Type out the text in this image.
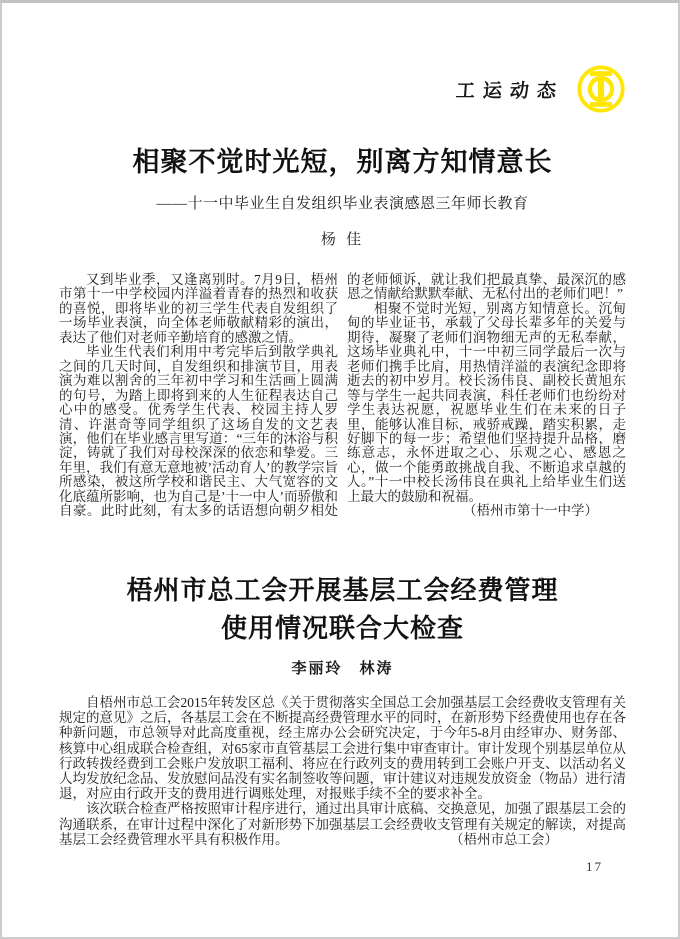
工运动态
相聚不觉时光短，别离方知情意长
——十一中毕业生自发组织毕业表演感恩三年师长教育
杨 佳

又到毕业季，又逢离别时。7月9日，梧州市第十一中学校园内洋溢着青春的热烈和收获的喜悦，即将毕业的初三学生代表自发组织了一场毕业表演，向全体老师敬献精彩的演出，表达了他们对老师辛勤培育的感激之情。

毕业生代表们利用中考完毕后到散学典礼之间的几天时间，自发组织和排演节目，用表演为难以割舍的三年初中学习和生活画上圆满的句号，为踏上即将到来的人生征程表达自己心中的感受。优秀学生代表、校园主持人罗清、许湛奇等同学组织了这场自发的文艺表演，他们在毕业感言里写道：“三年的沐浴与积淀，铸就了我们对母校深深的依恋和挚爱。三年里，我们有意无意地被’活动育人’的教学宗旨所感染，被这所学校和谐民主、大气宽容的文化底蕴所影响，也为自己是’十一中人’而骄傲和自豪。此时此刻，有太多的话语想向朝夕相处的老师倾诉，就让我们把最真挚、最深沉的感恩之情献给默默奉献、无私付出的老师们吧！”

相聚不觉时光短，别离方知情意长。沉甸甸的毕业证书，承载了父母长辈多年的关爱与期待，凝聚了老师们润物细无声的无私奉献，这场毕业典礼中，十一中初三同学最后一次与老师们携手比肩，用热情洋溢的表演纪念即将逝去的初中岁月。校长汤伟良、副校长黄旭东等与学生一起共同表演，科任老师们也纷纷对学生表达祝愿，祝愿毕业生们在未来的日子里，能够认准目标，戒骄戒躁，踏实积累，走好脚下的每一步；希望他们坚持提升品格，磨练意志，永怀进取之心、乐观之心、感恩之心，做一个能勇敢挑战自我、不断追求卓越的人。”十一中校长汤伟良在典礼上给毕业生们送上最大的鼓励和祝福。

（梧州市第十一中学）

梧州市总工会开展基层工会经费管理
使用情况联合大检查
李丽玲　林涛

自梧州市总工会2015年转发区总《关于贯彻落实全国总工会加强基层工会经费收支管理有关规定的意见》之后，各基层工会在不断提高经费管理水平的同时，在新形势下经费使用也存在各种新问题，市总领导对此高度重视，经主席办公会研究决定，于今年5-8月由经审办、财务部、核算中心组成联合检查组，对65家市直管基层工会进行集中审查审计。审计发现个别基层单位从行政转拨经费到工会账户发放职工福利、将应在行政列支的费用转到工会账户开支、以活动名义人均发放纪念品、发放慰问品没有实名制签收等问题，审计建议对违规发放资金（物品）进行清退，对应由行政开支的费用进行调账处理，对报账手续不全的要求补全。

该次联合检查严格按照审计程序进行，通过出具审计底稿、交换意见，加强了跟基层工会的沟通联系，在审计过程中深化了对新形势下加强基层工会经费收支管理有关规定的解读，对提高基层工会经费管理水平具有积极作用。	（梧州市总工会）
17
